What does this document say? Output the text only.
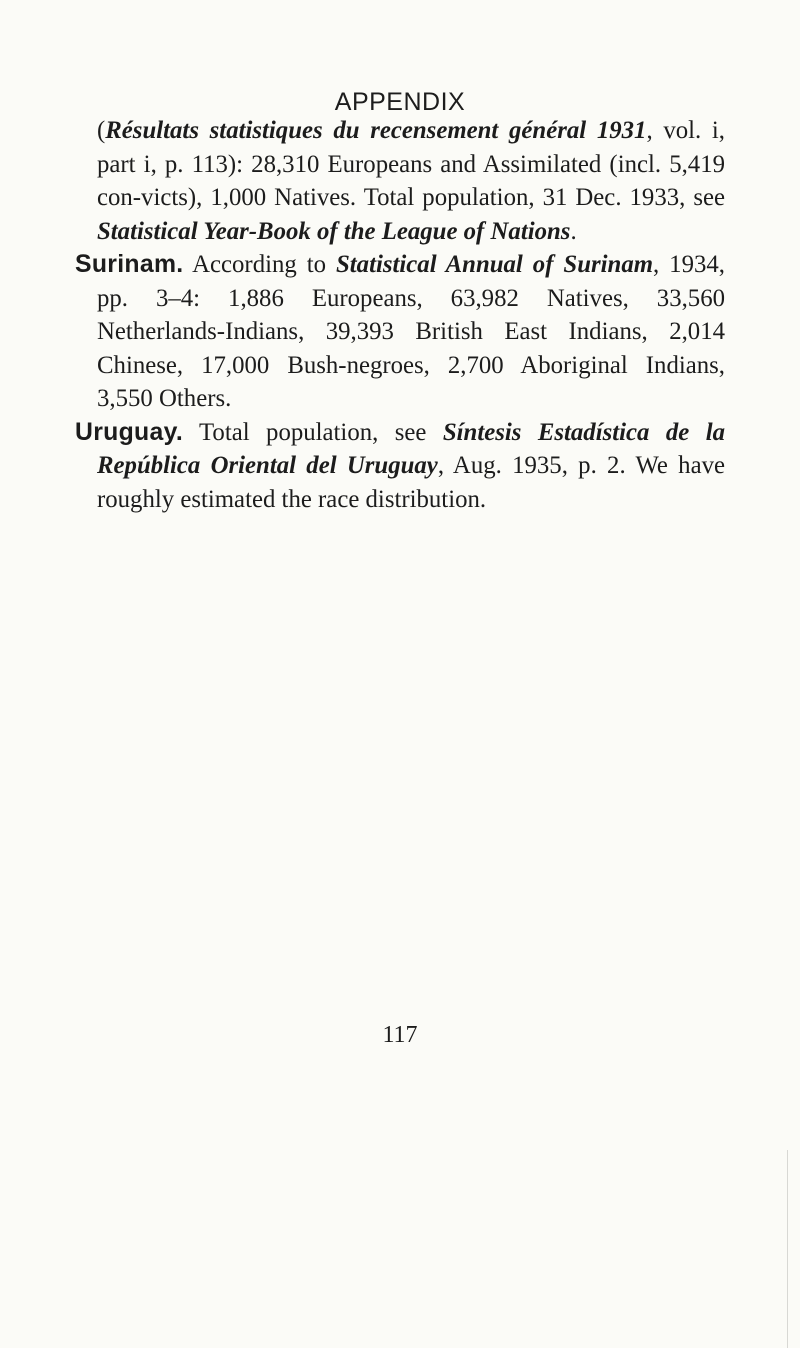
APPENDIX

(Résultats statistiques du recensement général 1931, vol. i, part i, p. 113): 28,310 Europeans and Assimilated (incl. 5,419 con-victs), 1,000 Natives. Total population, 31 Dec. 1933, see Statistical Year-Book of the League of Nations.

Surinam. According to Statistical Annual of Surinam, 1934, pp. 3–4: 1,886 Europeans, 63,982 Natives, 33,560 Netherlands-Indians, 39,393 British East Indians, 2,014 Chinese, 17,000 Bush-negroes, 2,700 Aboriginal Indians, 3,550 Others.

Uruguay. Total population, see Síntesis Estadística de la República Oriental del Uruguay, Aug. 1935, p. 2. We have roughly estimated the race distribution.

117
